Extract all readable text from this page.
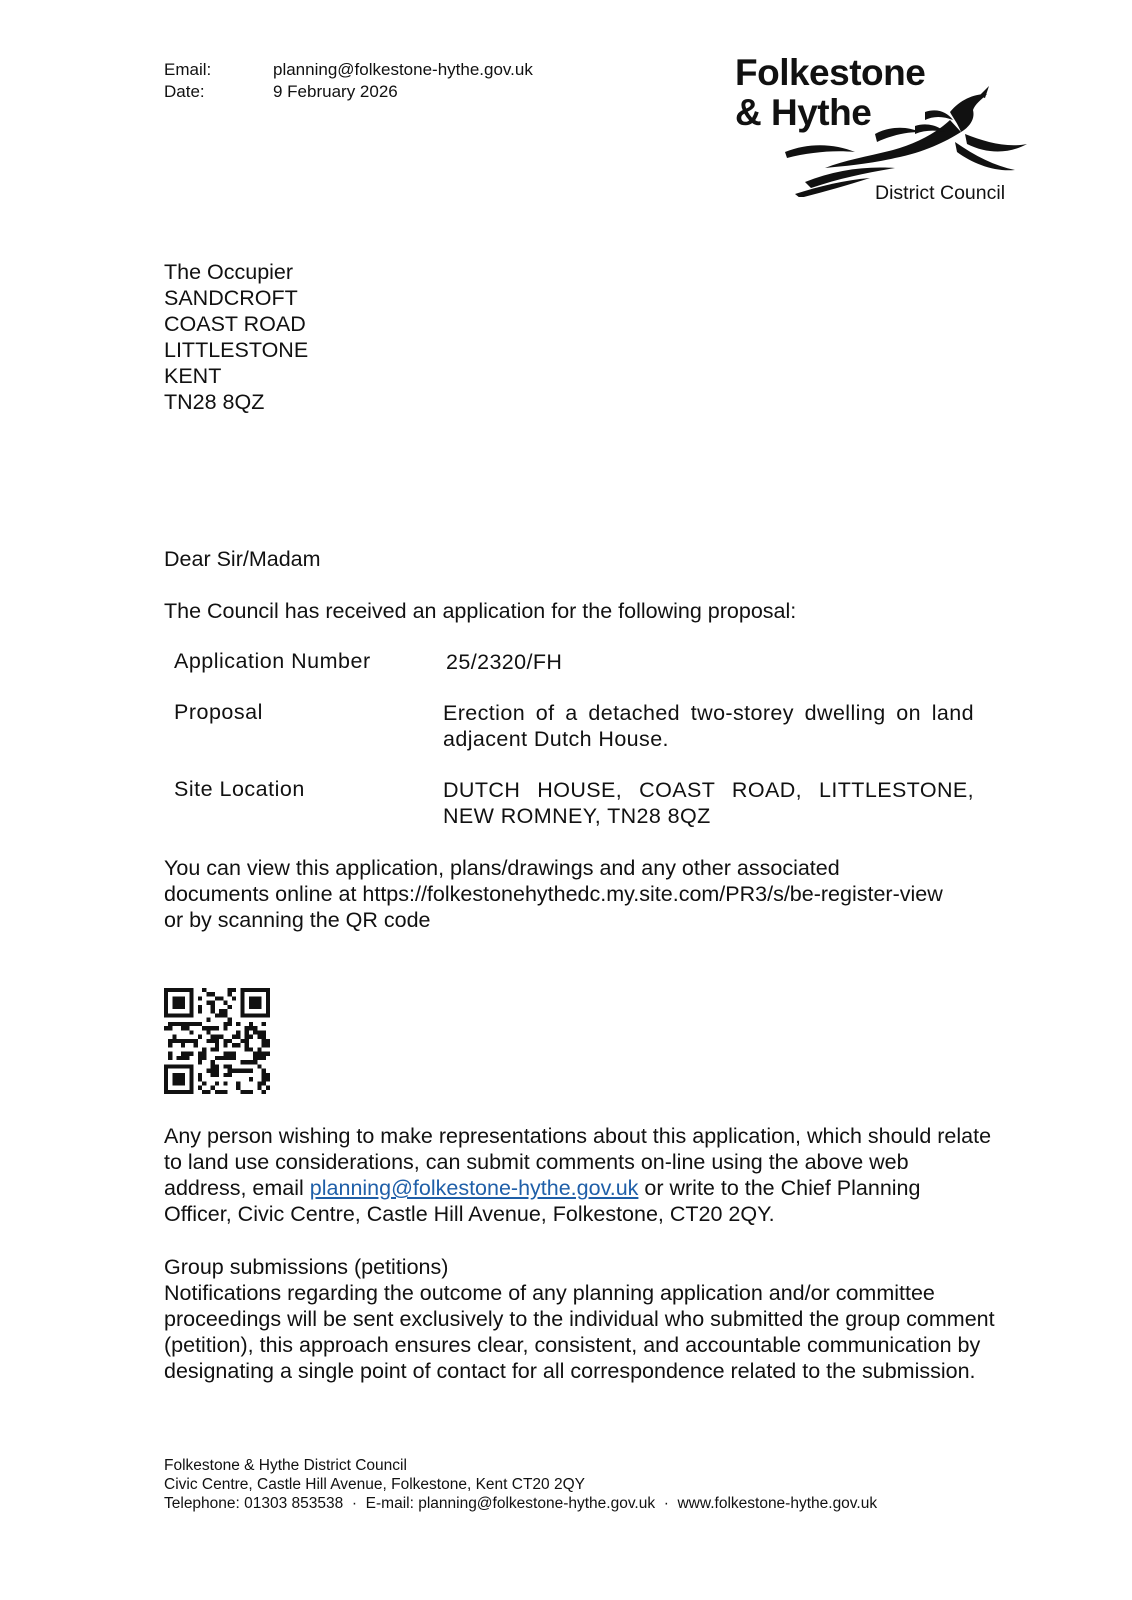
Email:	planning@folkestone-hythe.gov.uk
Date:	9 February 2026	Folkestone
& Hythe
District Council
The Occupier
SANDCROFT
COAST ROAD
LITTLESTONE
KENT
TN28 8QZ
Dear Sir/Madam
The Council has received an application for the following proposal:
Application Number	25/2320/FH
Proposal	Erection of a detached two-storey dwelling on land adjacent Dutch House.
Site Location	DUTCH HOUSE, COAST ROAD, LITTLESTONE, NEW ROMNEY, TN28 8QZ
You can view this application, plans/drawings and any other associated
documents online at https://folkestonehythedc.my.site.com/PR3/s/be-register-view
or by scanning the QR code
Any person wishing to make representations about this application, which should relate to land use considerations, can submit comments on-line using the above web address, email planning@folkestone-hythe.gov.uk or write to the Chief Planning Officer, Civic Centre, Castle Hill Avenue, Folkestone, CT20 2QY.
Group submissions (petitions)
Notifications regarding the outcome of any planning application and/or committee proceedings will be sent exclusively to the individual who submitted the group comment (petition), this approach ensures clear, consistent, and accountable communication by designating a single point of contact for all correspondence related to the submission.
Folkestone & Hythe District Council
Civic Centre, Castle Hill Avenue, Folkestone, Kent CT20 2QY
Telephone: 01303 853538  ·  E-mail: planning@folkestone-hythe.gov.uk  ·  www.folkestone-hythe.gov.uk
